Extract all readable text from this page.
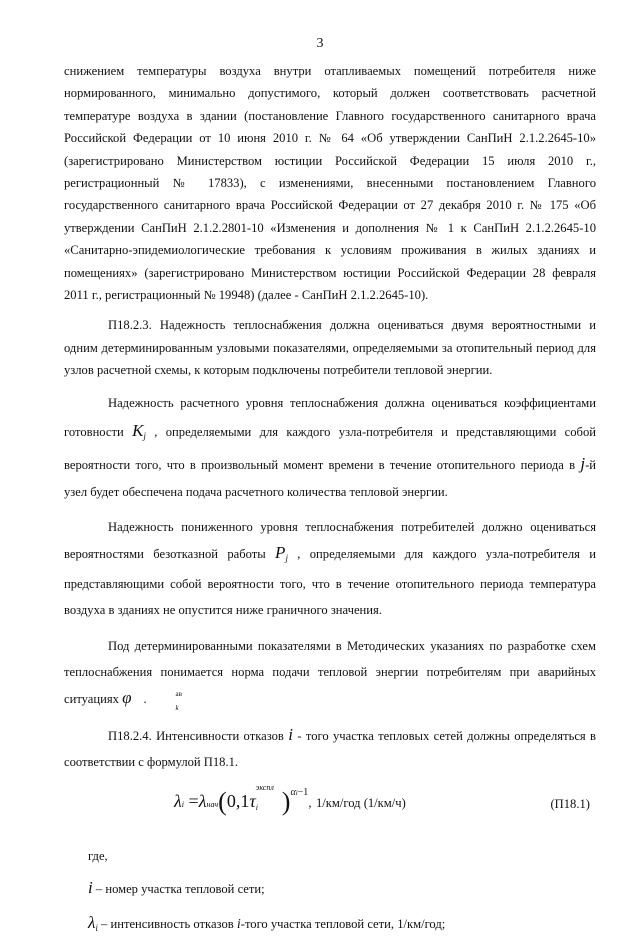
3

снижением температуры воздуха внутри отапливаемых помещений потребителя ниже нормированного, минимально допустимого, который должен соответствовать расчетной температуре воздуха в здании (постановление Главного государственного санитарного врача Российской Федерации от 10 июня 2010 г. № 64 «Об утверждении СанПиН 2.1.2.2645-10» (зарегистрировано Министерством юстиции Российской Федерации 15 июля 2010 г., регистрационный № 17833), с изменениями, внесенными постановлением Главного государственного санитарного врача Российской Федерации от 27 декабря 2010 г. № 175 «Об утверждении СанПиН 2.1.2.2801-10 «Изменения и дополнения № 1 к СанПиН 2.1.2.2645-10 «Санитарно-эпидемиологические требования к условиям проживания в жилых зданиях и помещениях» (зарегистрировано Министерством юстиции Российской Федерации 28 февраля 2011 г., регистрационный № 19948) (далее - СанПиН 2.1.2.2645-10).

П18.2.3. Надежность теплоснабжения должна оцениваться двумя вероятностными и одним детерминированным узловыми показателями, определяемыми за отопительный период для узлов расчетной схемы, к которым подключены потребители тепловой энергии.

Надежность расчетного уровня теплоснабжения должна оцениваться коэффициентами готовности $K_j$ , определяемыми для каждого узла-потребителя и представляющими собой вероятности того, что в произвольный момент времени в течение отопительного периода в j-й узел будет обеспечена подача расчетного количества тепловой энергии.

Надежность пониженного уровня теплоснабжения потребителей должно оцениваться вероятностями безотказной работы $P_j$ , определяемыми для каждого узла-потребителя и представляющими собой вероятности того, что в течение отопительного периода температура воздуха в зданиях не опустится ниже граничного значения.

Под детерминированными показателями в Методических указаниях по разработке схем теплоснабжения понимается норма подачи тепловой энергии потребителям при аварийных ситуациях φ	ав
k
.

П18.2.4. Интенсивности отказов i - того участка тепловых сетей должны определяться в соответствии с формулой П18.1.

λi =λнач(0,1τ
экспл
i )$^{\alpha i-1}$, 1/км/год (1/км/ч)	(П18.1)
где,
i – номер участка тепловой сети;
$\lambda_i$ – интенсивность отказов i-того участка тепловой сети, 1/км/год;
